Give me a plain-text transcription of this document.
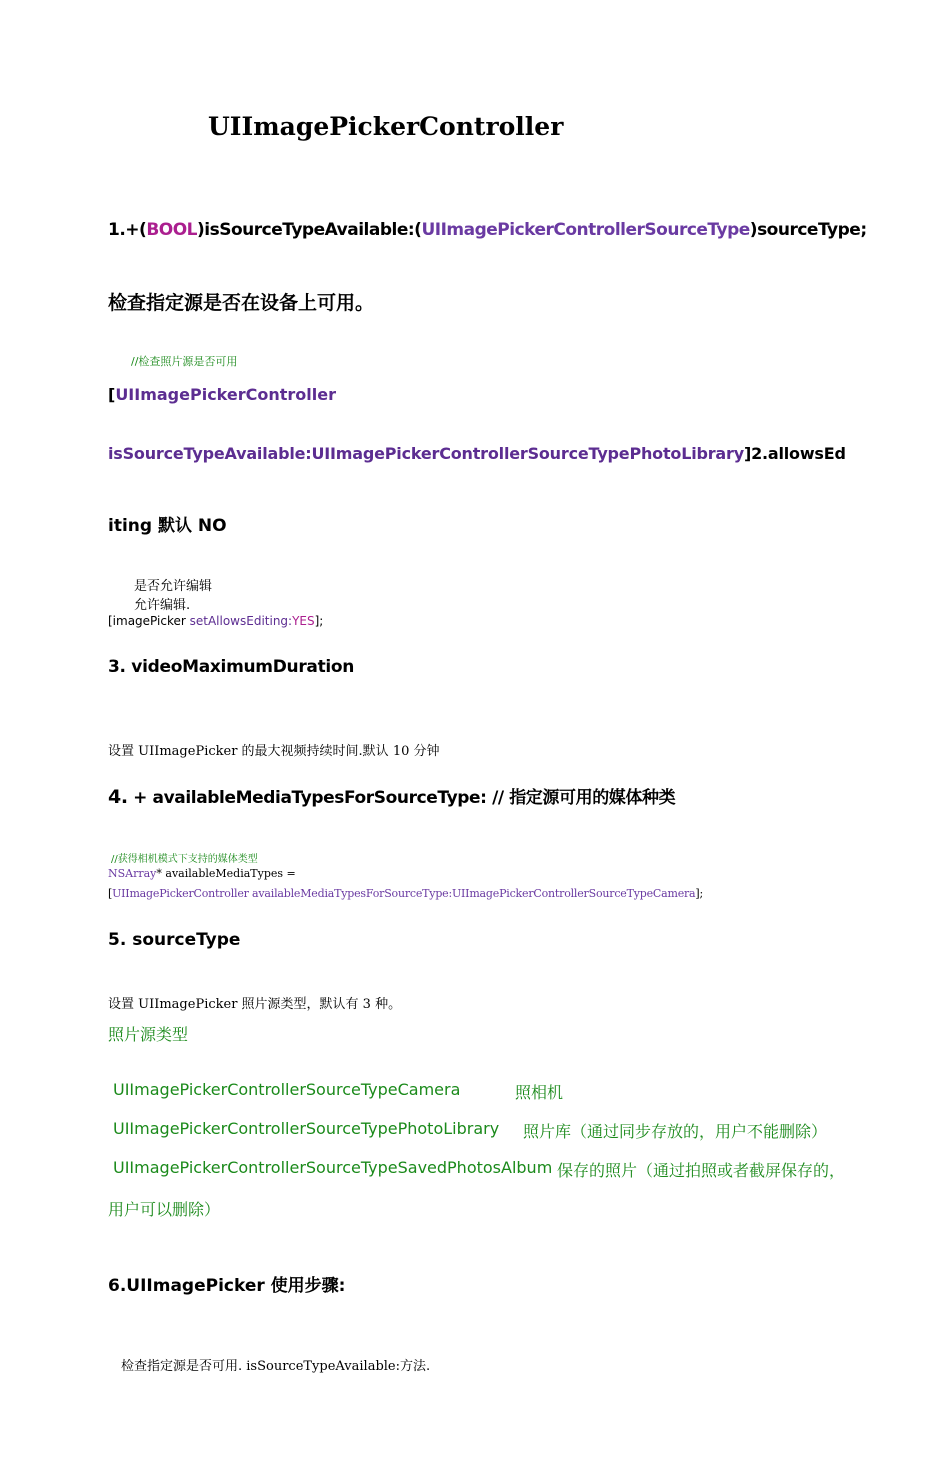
UIImagePickerController
1.+(BOOL)isSourceTypeAvailable:(UIImagePickerControllerSourceType)sourceType;
检查指定源是否在设备上可用。
//检查照片源是否可用
[UIImagePickerController
isSourceTypeAvailable:UIImagePickerControllerSourceTypePhotoLibrary]2.allowsEd
iting 默认 NO
是否允许编辑
允许编辑.
[imagePicker setAllowsEditing:YES];
3. videoMaximumDuration
设置 UIImagePicker 的最大视频持续时间.默认 10 分钟
4. + availableMediaTypesForSourceType: // 指定源可用的媒体种类
//获得相机模式下支持的媒体类型
NSArray* availableMediaTypes =
[UIImagePickerController availableMediaTypesForSourceType:UIImagePickerControllerSourceTypeCamera];
5. sourceType
设置 UIImagePicker 照片源类型，默认有 3 种。
照片源类型
UIImagePickerControllerSourceTypeCamera	照相机
UIImagePickerControllerSourceTypePhotoLibrary 照片库（通过同步存放的，用户不能删除）
UIImagePickerControllerSourceTypeSavedPhotosAlbum 保存的照片（通过拍照或者截屏保存的，
用户可以删除）
6.UIImagePicker 使用步骤:
检查指定源是否可用. isSourceTypeAvailable:方法.
